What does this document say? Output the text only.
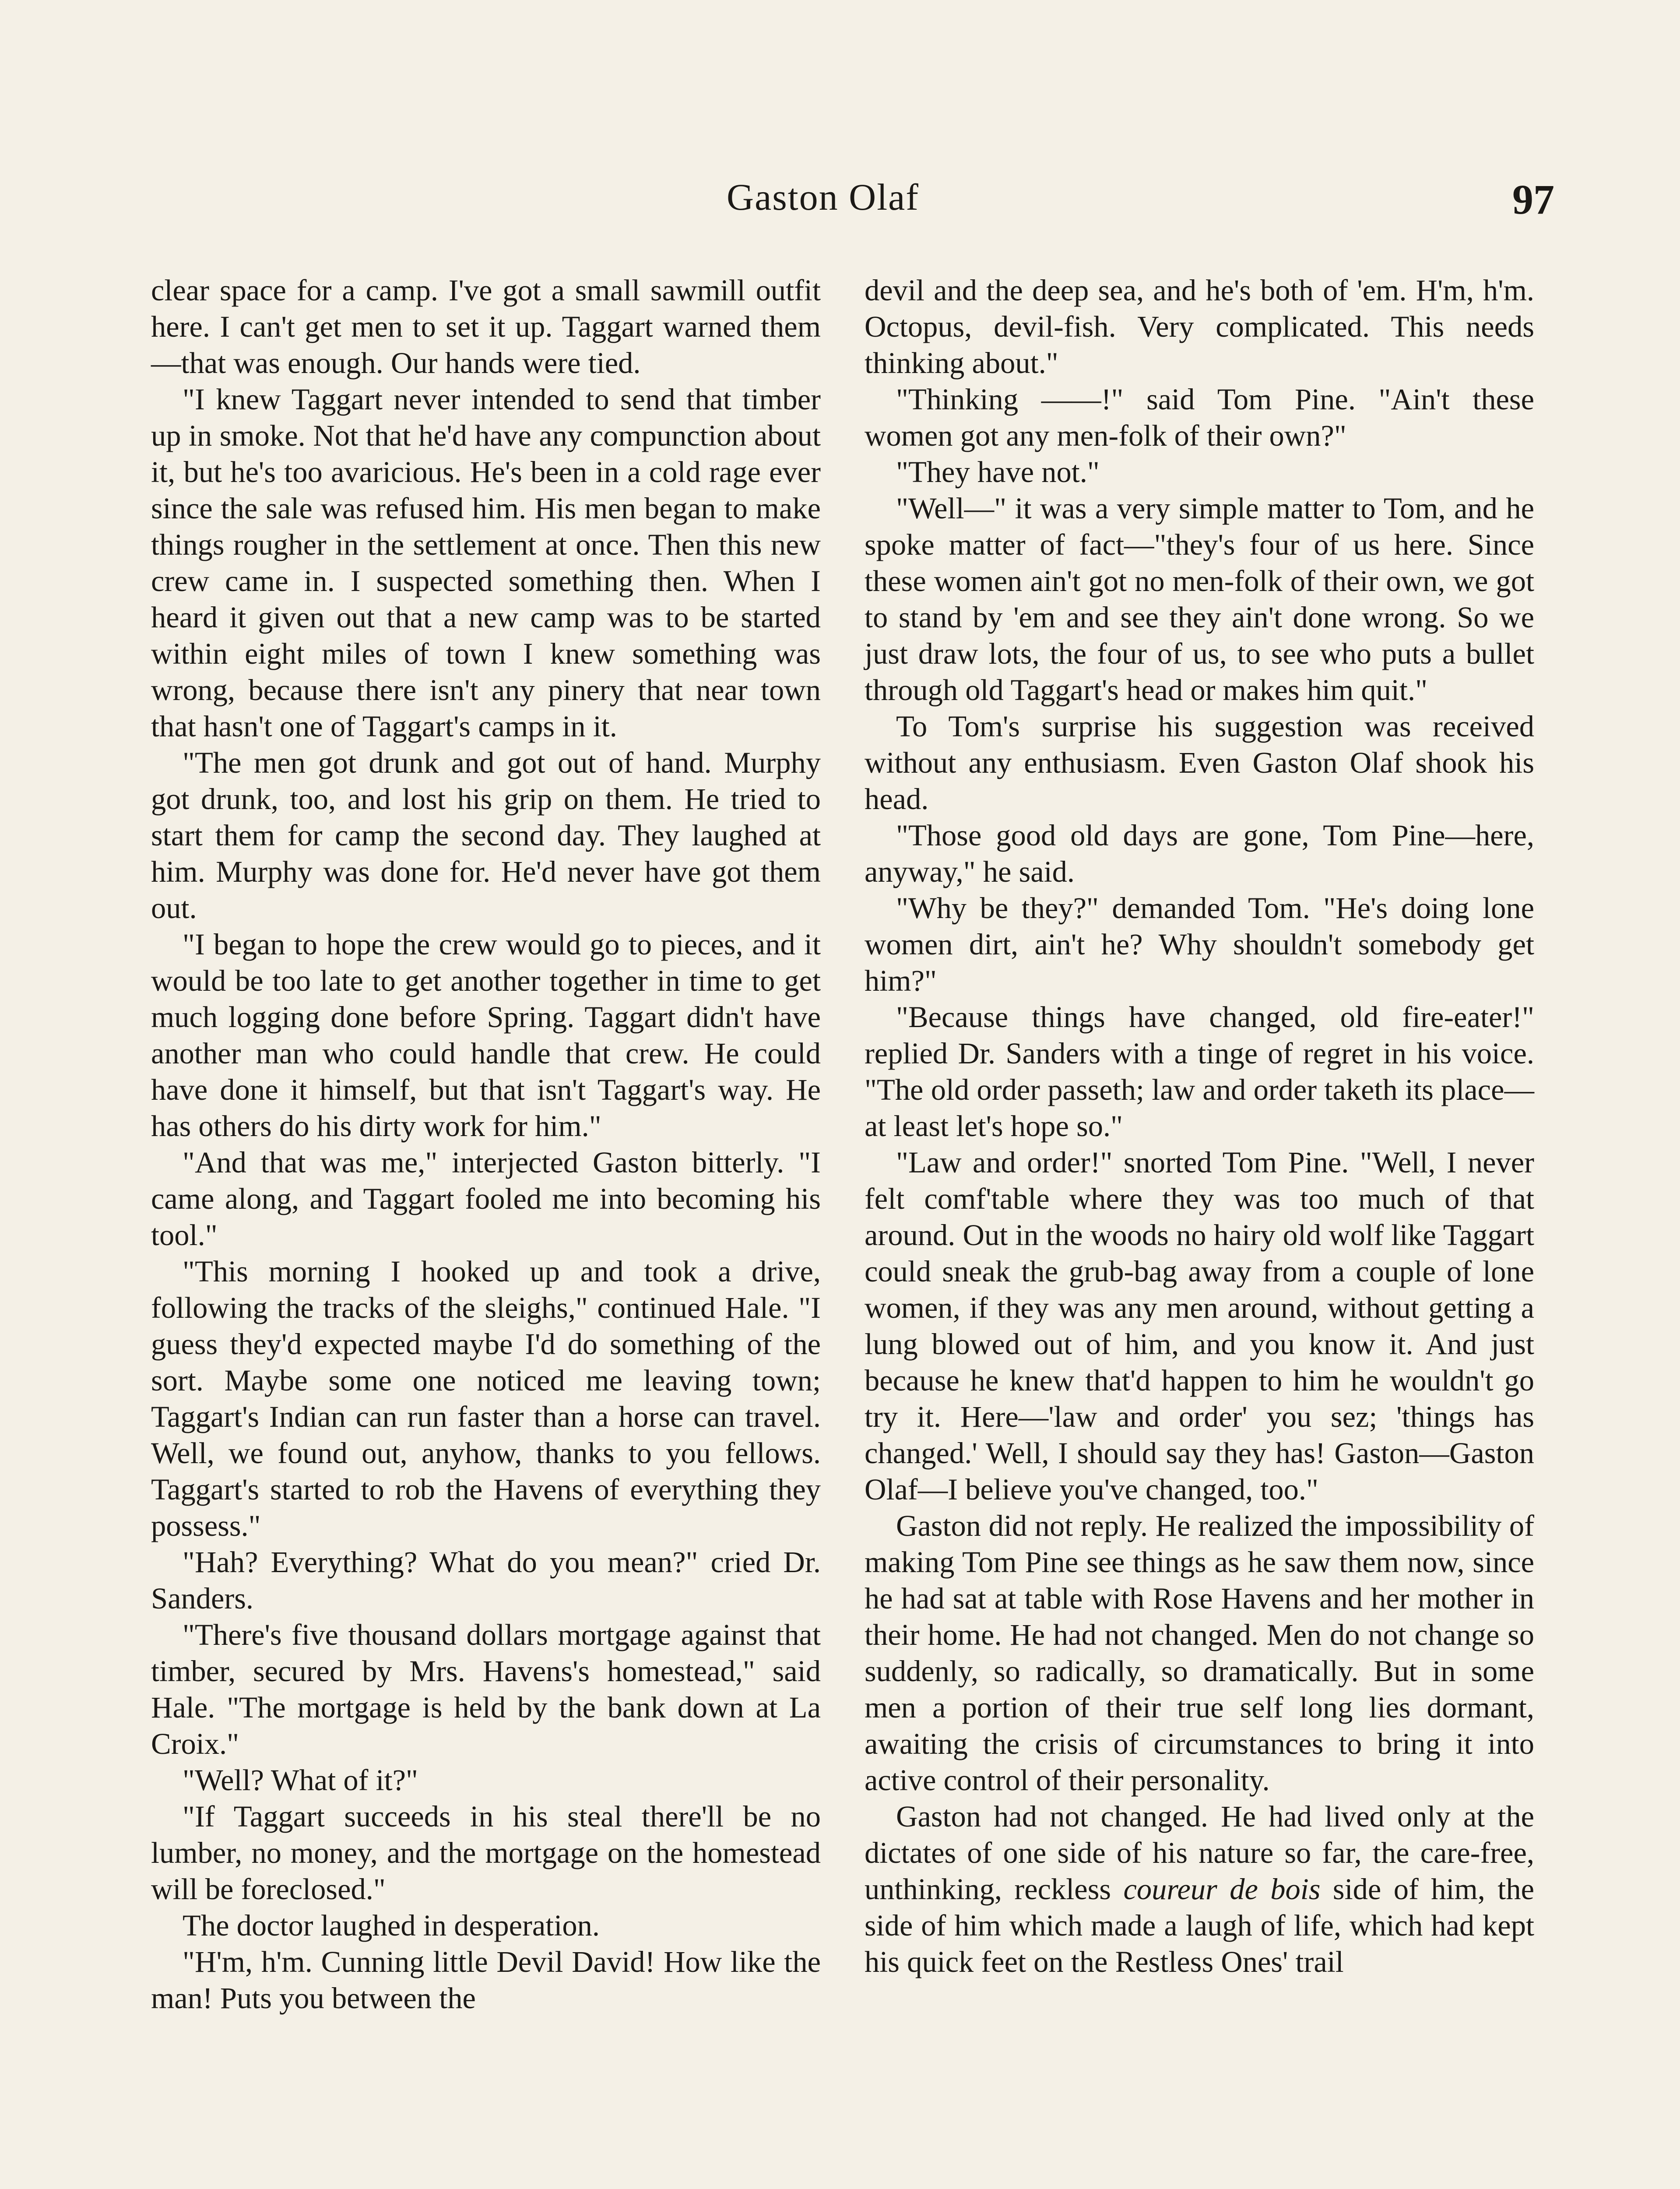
Gaston Olaf	97

clear space for a camp. I've got a small sawmill outfit here. I can't get men to set it up. Taggart warned them—that was enough. Our hands were tied.

"I knew Taggart never intended to send that timber up in smoke. Not that he'd have any compunction about it, but he's too avaricious. He's been in a cold rage ever since the sale was refused him. His men began to make things rougher in the settlement at once. Then this new crew came in. I suspected something then. When I heard it given out that a new camp was to be started within eight miles of town I knew something was wrong, because there isn't any pinery that near town that hasn't one of Taggart's camps in it.

"The men got drunk and got out of hand. Murphy got drunk, too, and lost his grip on them. He tried to start them for camp the second day. They laughed at him. Murphy was done for. He'd never have got them out.

"I began to hope the crew would go to pieces, and it would be too late to get another together in time to get much logging done before Spring. Taggart didn't have another man who could handle that crew. He could have done it himself, but that isn't Taggart's way. He has others do his dirty work for him."

"And that was me," interjected Gaston bitterly. "I came along, and Taggart fooled me into becoming his tool."

"This morning I hooked up and took a drive, following the tracks of the sleighs," continued Hale. "I guess they'd expected maybe I'd do something of the sort. Maybe some one noticed me leaving town; Taggart's Indian can run faster than a horse can travel. Well, we found out, anyhow, thanks to you fellows. Taggart's started to rob the Havens of everything they possess."

"Hah? Everything? What do you mean?" cried Dr. Sanders.

"There's five thousand dollars mortgage against that timber, secured by Mrs. Havens's homestead," said Hale. "The mortgage is held by the bank down at La Croix."

"Well? What of it?"

"If Taggart succeeds in his steal there'll be no lumber, no money, and the mortgage on the homestead will be foreclosed."

The doctor laughed in desperation.

"H'm, h'm. Cunning little Devil David! How like the man! Puts you between the

devil and the deep sea, and he's both of 'em. H'm, h'm. Octopus, devil-fish. Very complicated. This needs thinking about."

"Thinking ——!" said Tom Pine. "Ain't these women got any men-folk of their own?"

"They have not."

"Well—" it was a very simple matter to Tom, and he spoke matter of fact—"they's four of us here. Since these women ain't got no men-folk of their own, we got to stand by 'em and see they ain't done wrong. So we just draw lots, the four of us, to see who puts a bullet through old Taggart's head or makes him quit."

To Tom's surprise his suggestion was received without any enthusiasm. Even Gaston Olaf shook his head.

"Those good old days are gone, Tom Pine—here, anyway," he said.

"Why be they?" demanded Tom. "He's doing lone women dirt, ain't he? Why shouldn't somebody get him?"

"Because things have changed, old fire-eater!" replied Dr. Sanders with a tinge of regret in his voice. "The old order passeth; law and order taketh its place—at least let's hope so."

"Law and order!" snorted Tom Pine. "Well, I never felt comf'table where they was too much of that around. Out in the woods no hairy old wolf like Taggart could sneak the grub-bag away from a couple of lone women, if they was any men around, without getting a lung blowed out of him, and you know it. And just because he knew that'd happen to him he wouldn't go try it. Here—'law and order' you sez; 'things has changed.' Well, I should say they has! Gaston—Gaston Olaf—I believe you've changed, too."

Gaston did not reply. He realized the impossibility of making Tom Pine see things as he saw them now, since he had sat at table with Rose Havens and her mother in their home. He had not changed. Men do not change so suddenly, so radically, so dramatically. But in some men a portion of their true self long lies dormant, awaiting the crisis of circumstances to bring it into active control of their personality.

Gaston had not changed. He had lived only at the dictates of one side of his nature so far, the care-free, unthinking, reckless coureur de bois side of him, the side of him which made a laugh of life, which had kept his quick feet on the Restless Ones' trail
